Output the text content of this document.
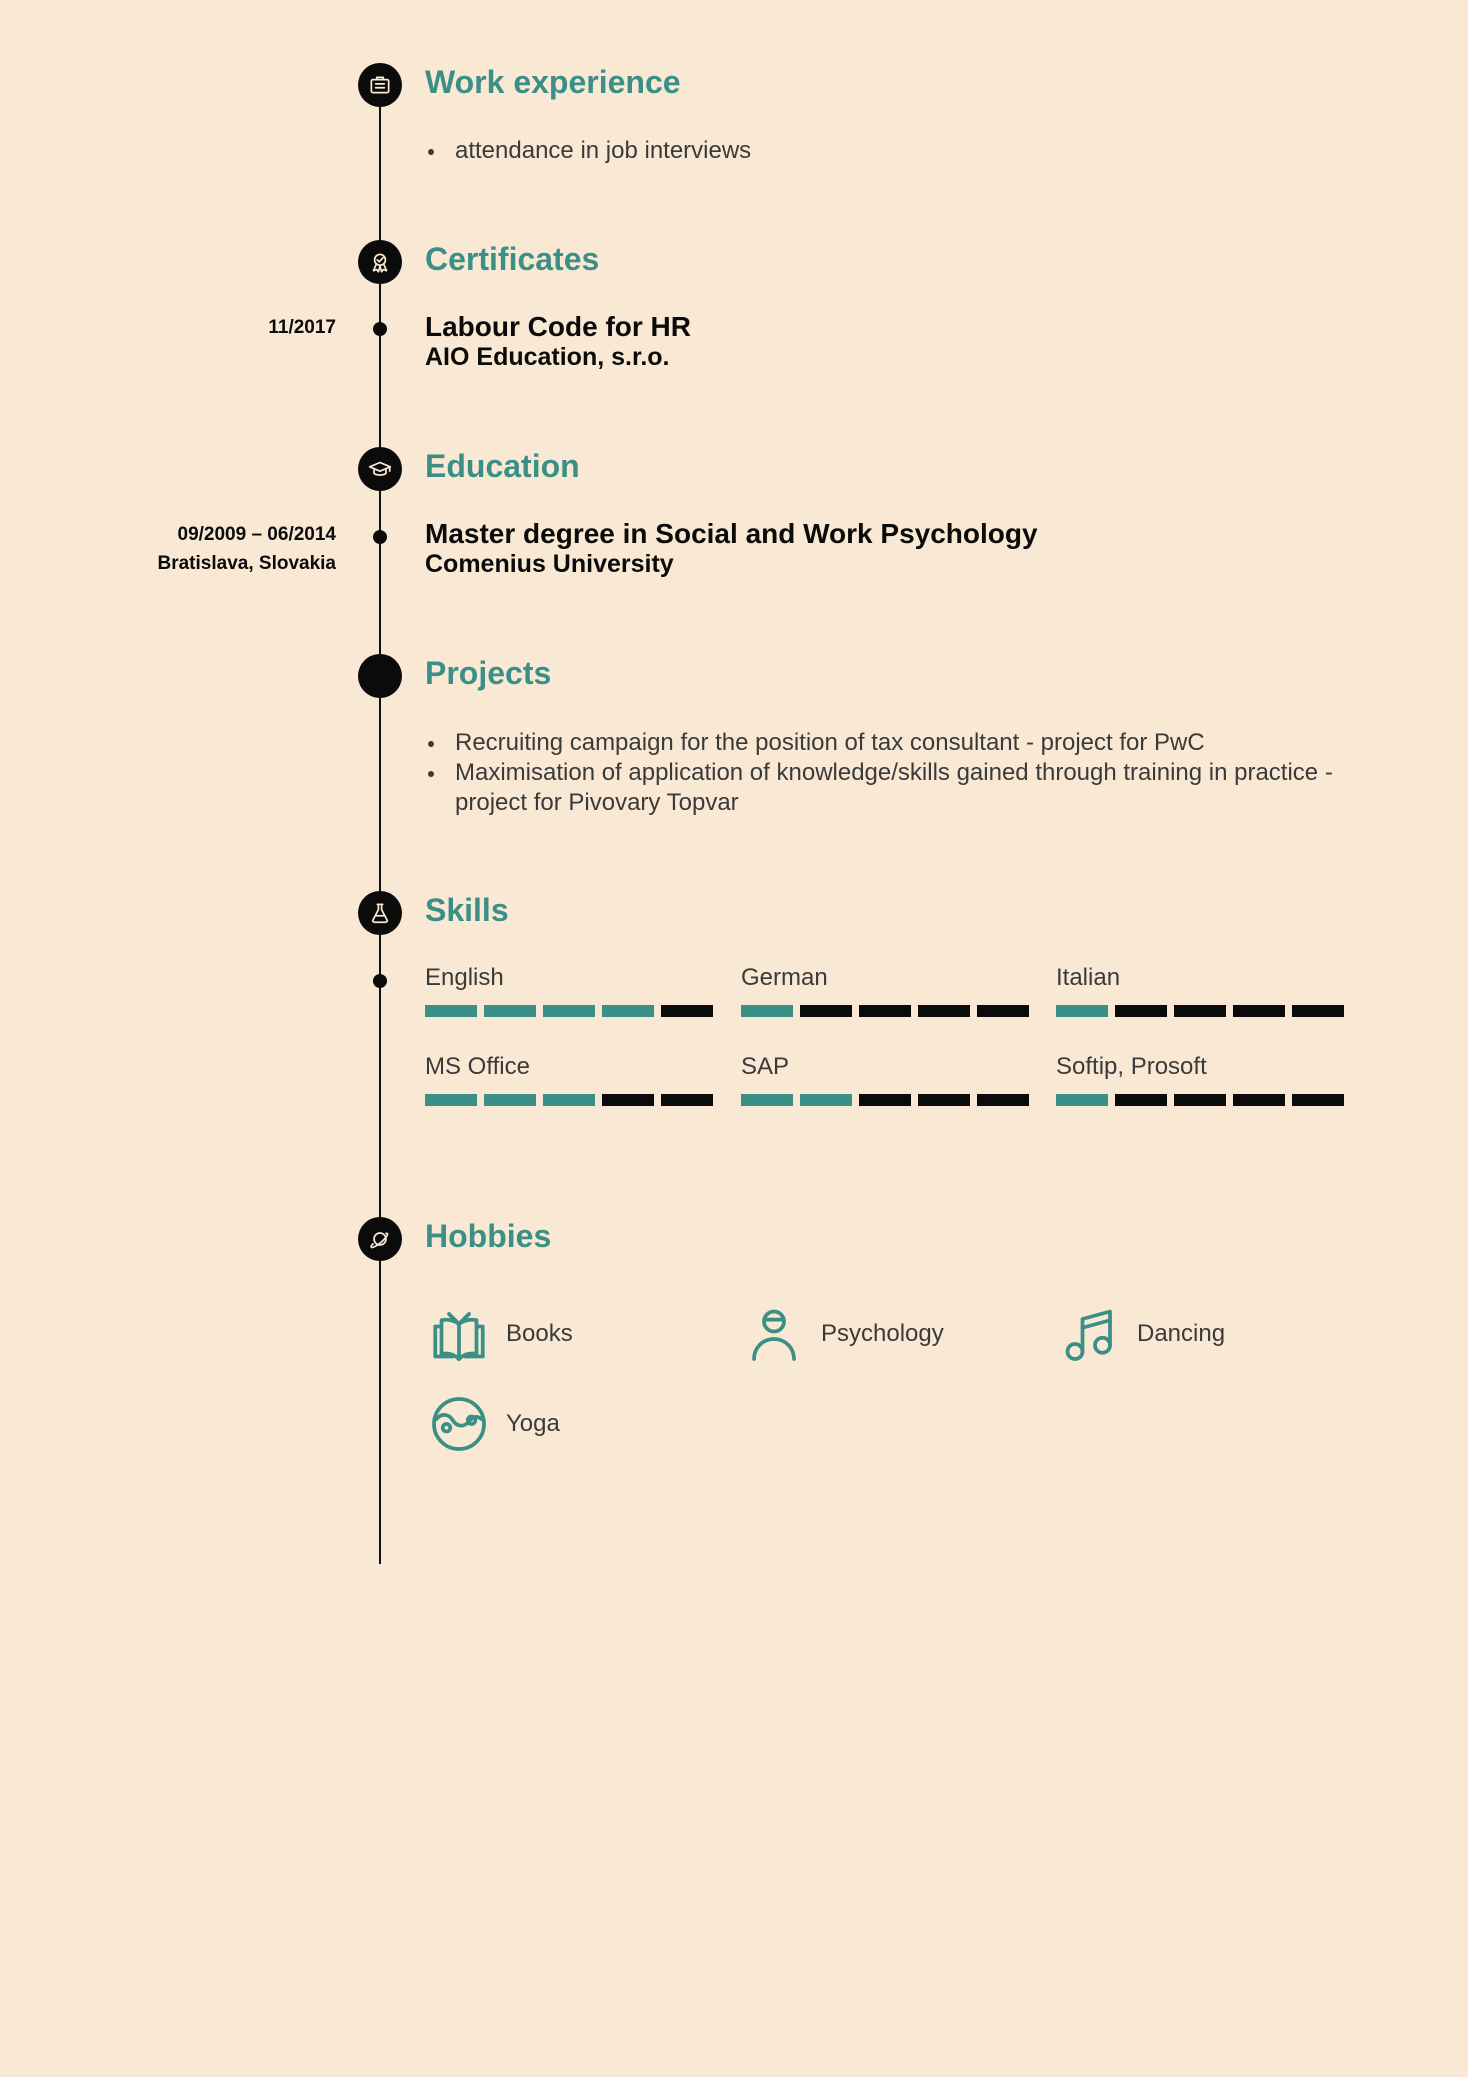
Work experience
attendance in job interviews
Certificates
11/2017	Labour Code for HR
AIO Education, s.r.o.
Education
09/2009 – 06/2014
Bratislava, Slovakia
Master degree in Social and Work Psychology
Comenius University
Projects
Recruiting campaign for the position of tax consultant - project for PwC
Maximisation of application of knowledge/skills gained through training in practice - project for Pivovary Topvar
Skills
English	German	Italian
MS Office	SAP	Softip, Prosoft
Hobbies
Books	Psychology	Dancing
Yoga
